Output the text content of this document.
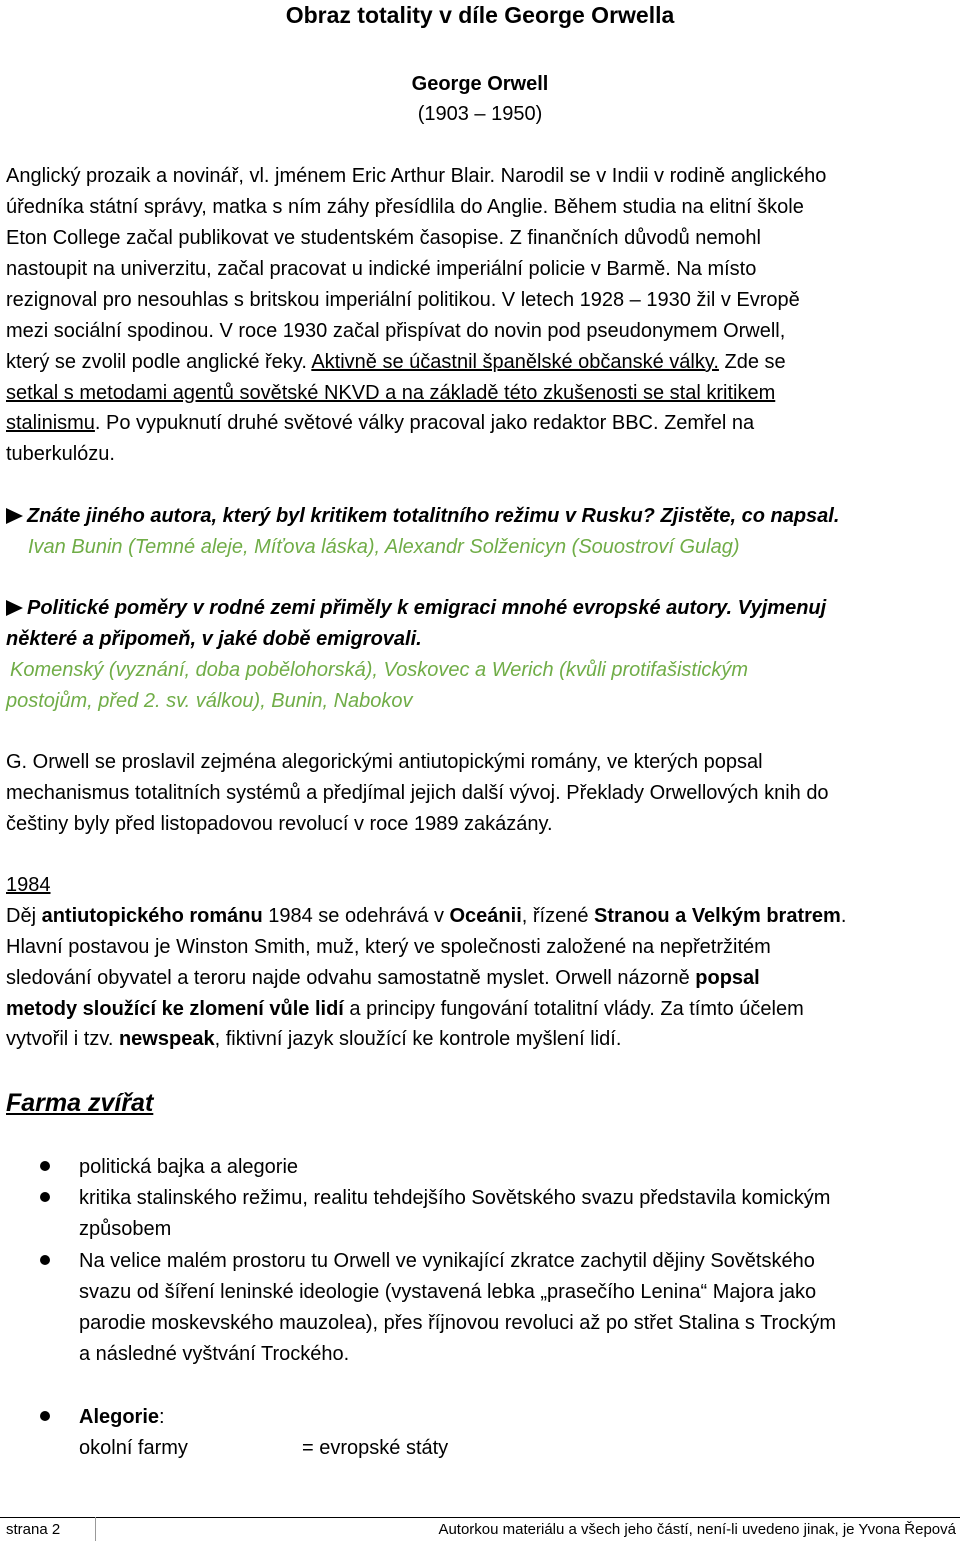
Obraz totality v díle George Orwella
George Orwell
(1903 – 1950)
Anglický prozaik a novinář, vl. jménem Eric Arthur Blair. Narodil se v Indii v rodině anglického
úředníka státní správy, matka s ním záhy přesídlila do Anglie. Během studia na elitní škole
Eton College začal publikovat ve studentském časopise. Z finančních důvodů nemohl
nastoupit na univerzitu, začal pracovat u indické imperiální policie v Barmě. Na místo
rezignoval pro nesouhlas s britskou imperiální politikou. V letech 1928 – 1930 žil v Evropě
mezi sociální spodinou. V roce 1930 začal přispívat do novin pod pseudonymem Orwell,
který se zvolil podle anglické řeky. Aktivně se účastnil španělské občanské války. Zde se
setkal s metodami agentů sovětské NKVD a na základě této zkušenosti se stal kritikem
stalinismu. Po vypuknutí druhé světové války pracoval jako redaktor BBC. Zemřel na
tuberkulózu.
Znáte jiného autora, který byl kritikem totalitního režimu v Rusku? Zjistěte, co napsal.
Ivan Bunin (Temné aleje, Míťova láska), Alexandr Solženicyn (Souostroví Gulag)
Politické poměry v rodné zemi přiměly k emigraci mnohé evropské autory. Vyjmenuj
některé a připomeň, v jaké době emigrovali.
Komenský (vyznání, doba pobělohorská), Voskovec a Werich (kvůli protifašistickým
postojům, před 2. sv. válkou), Bunin, Nabokov
G. Orwell se proslavil zejména alegorickými antiutopickými romány, ve kterých popsal
mechanismus totalitních systémů a předjímal jejich další vývoj. Překlady Orwellových knih do
češtiny byly před listopadovou revolucí v roce 1989 zakázány.
1984
Děj antiutopického románu 1984 se odehrává v Oceánii, řízené Stranou a Velkým bratrem.
Hlavní postavou je Winston Smith, muž, který ve společnosti založené na nepřetržitém
sledování obyvatel a teroru najde odvahu samostatně myslet. Orwell názorně popsal
metody sloužící ke zlomení vůle lidí a principy fungování totalitní vlády. Za tímto účelem
vytvořil i tzv. newspeak, fiktivní jazyk sloužící ke kontrole myšlení lidí.
Farma zvířat
politická bajka a alegorie
kritika stalinského režimu, realitu tehdejšího Sovětského svazu představila komickým
způsobem
Na velice malém prostoru tu Orwell ve vynikající zkratce zachytil dějiny Sovětského
svazu od šíření leninské ideologie (vystavená lebka „prasečího Lenina“ Majora jako
parodie moskevského mauzolea), přes říjnovou revoluci až po střet Stalina s Trockým
a následné vyštvání Trockého.
Alegorie:
okolní farmy	= evropské státy
strana 2	Autorkou materiálu a všech jeho částí, není-li uvedeno jinak, je Yvona Řepová
